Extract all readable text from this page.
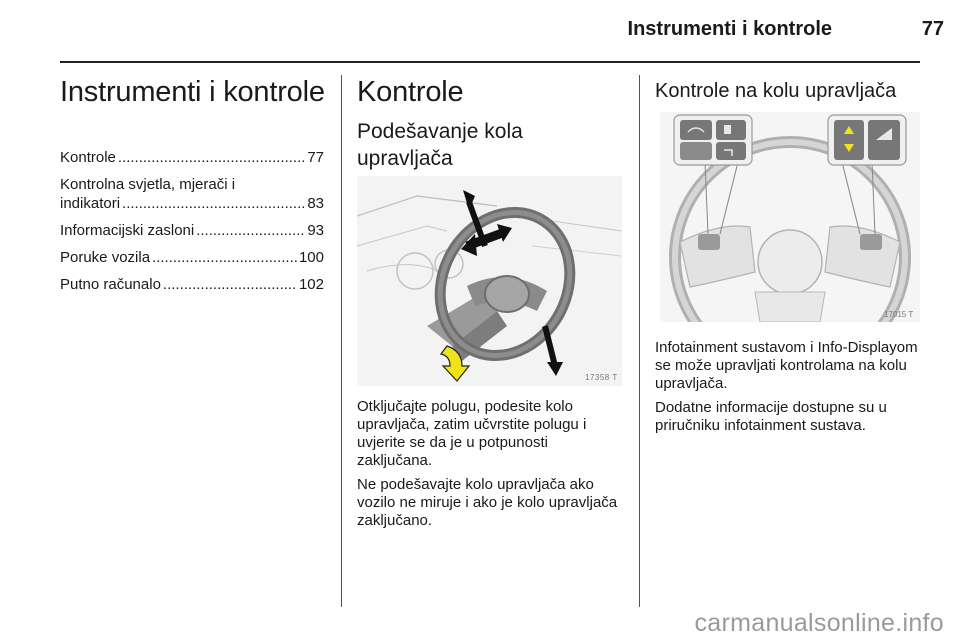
Instrumenti i kontrole	77
Instrumenti i kontrole
Kontrole .....	77
Kontrolna svjetla, mjerači i
indikatori .....	83
Informacijski zasloni .....	93
Poruke vozila .....	100
Putno računalo .....	102
Kontrole
Podešavanje kola
upravljača
17358 T

Otključajte polugu, podesite kolo upravljača, zatim učvrstite polugu i uvjerite se da je u potpunosti zaključana.

Ne podešavajte kolo upravljača ako vozilo ne miruje i ako je kolo upravljača zaključano.

Kontrole na kolu upravljača
17015 T

Infotainment sustavom i Info-Displayom se može upravljati kontrolama na kolu upravljača.

Dodatne informacije dostupne su u priručniku infotainment sustava.

carmanualsonline.info
